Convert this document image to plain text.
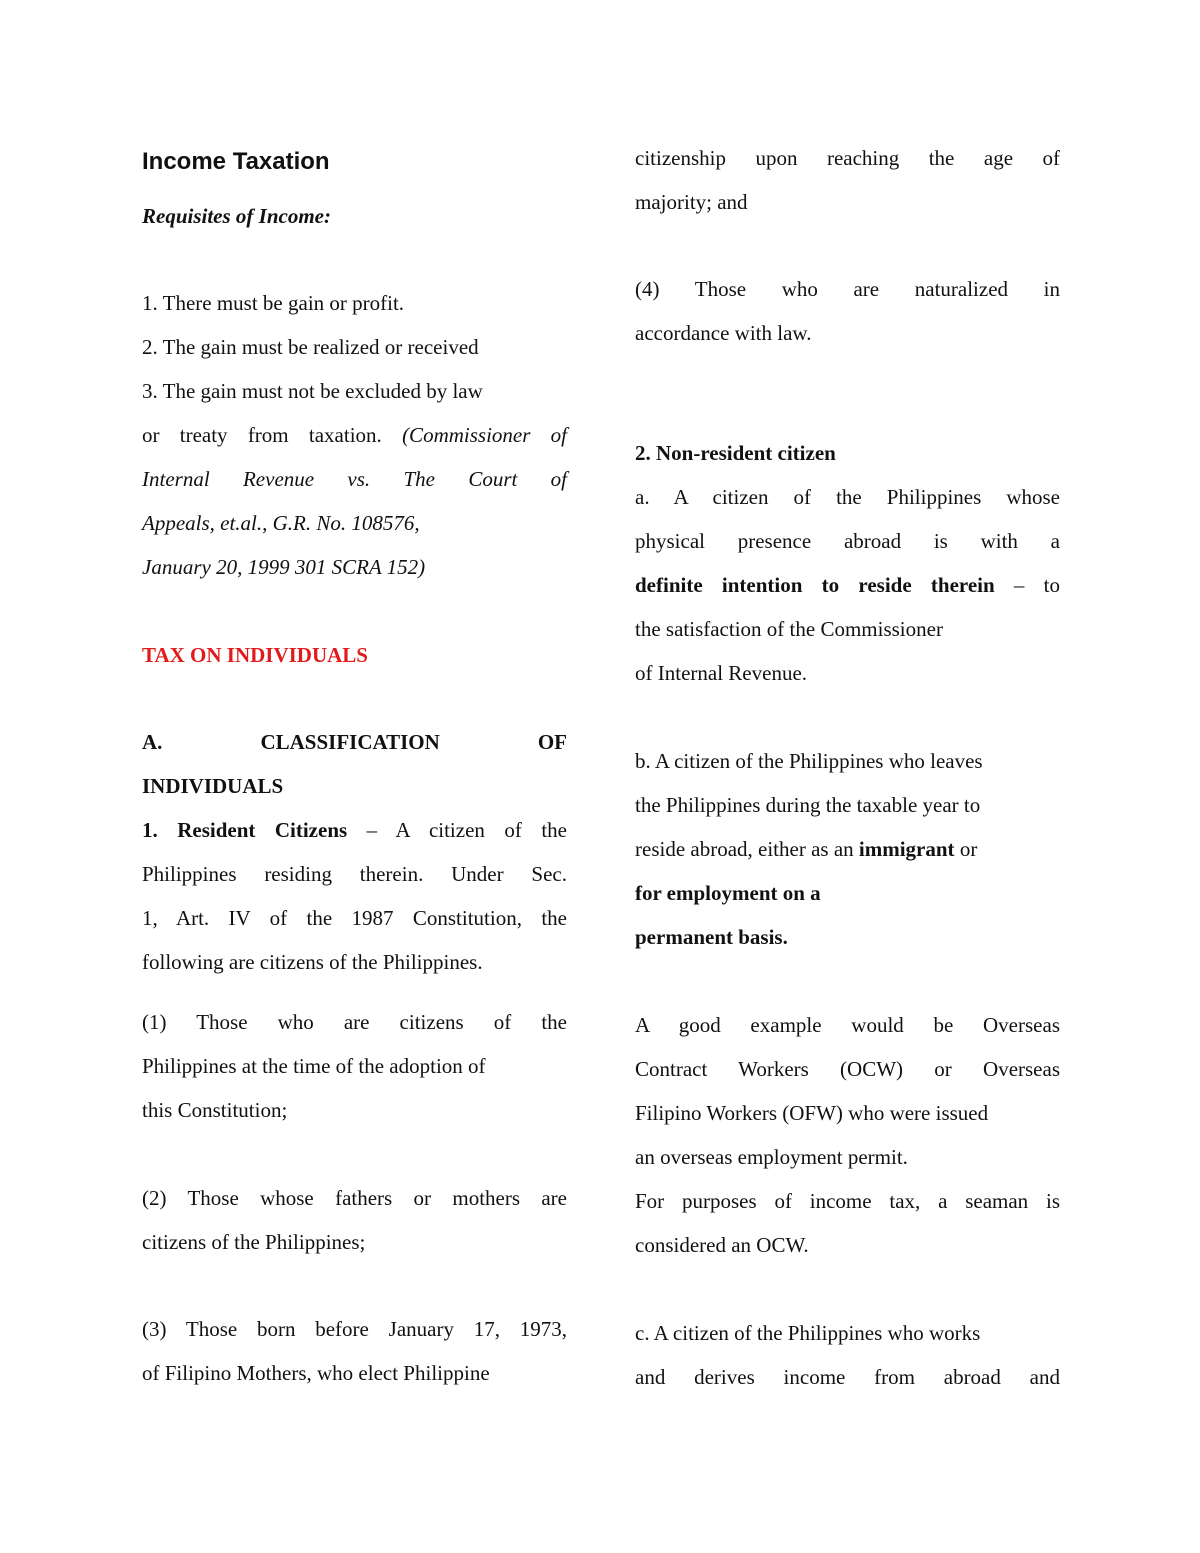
Income Taxation

Requisites of Income:

1. There must be gain or profit.

2. The gain must be realized or received

3. The gain must not be excluded by law

or treaty from taxation. (Commissioner of

Internal Revenue vs. The Court of

Appeals, et.al., G.R. No. 108576,

January 20, 1999 301 SCRA 152)

TAX ON INDIVIDUALS

A.	CLASSIFICATION	OF

INDIVIDUALS

1. Resident Citizens – A citizen of the

Philippines residing therein. Under Sec.

1, Art. IV of the 1987 Constitution, the

following are citizens of the Philippines.

(1) Those who are citizens of the

Philippines at the time of the adoption of

this Constitution;

(2) Those whose fathers or mothers are

citizens of the Philippines;

(3) Those born before January 17, 1973,

of Filipino Mothers, who elect Philippine

citizenship upon reaching the age of

majority; and

(4) Those who are naturalized in

accordance with law.

2. Non-resident citizen

a. A citizen of the Philippines whose

physical presence abroad is with a

definite intention to reside therein – to

the satisfaction of the Commissioner

of Internal Revenue.

b. A citizen of the Philippines who leaves

the Philippines during the taxable year to

reside abroad, either as an immigrant or

for employment on a

permanent basis.

A good example would be Overseas

Contract Workers (OCW) or Overseas

Filipino Workers (OFW) who were issued

an overseas employment permit.

For purposes of income tax, a seaman is

considered an OCW.

c. A citizen of the Philippines who works

and derives income from abroad and
